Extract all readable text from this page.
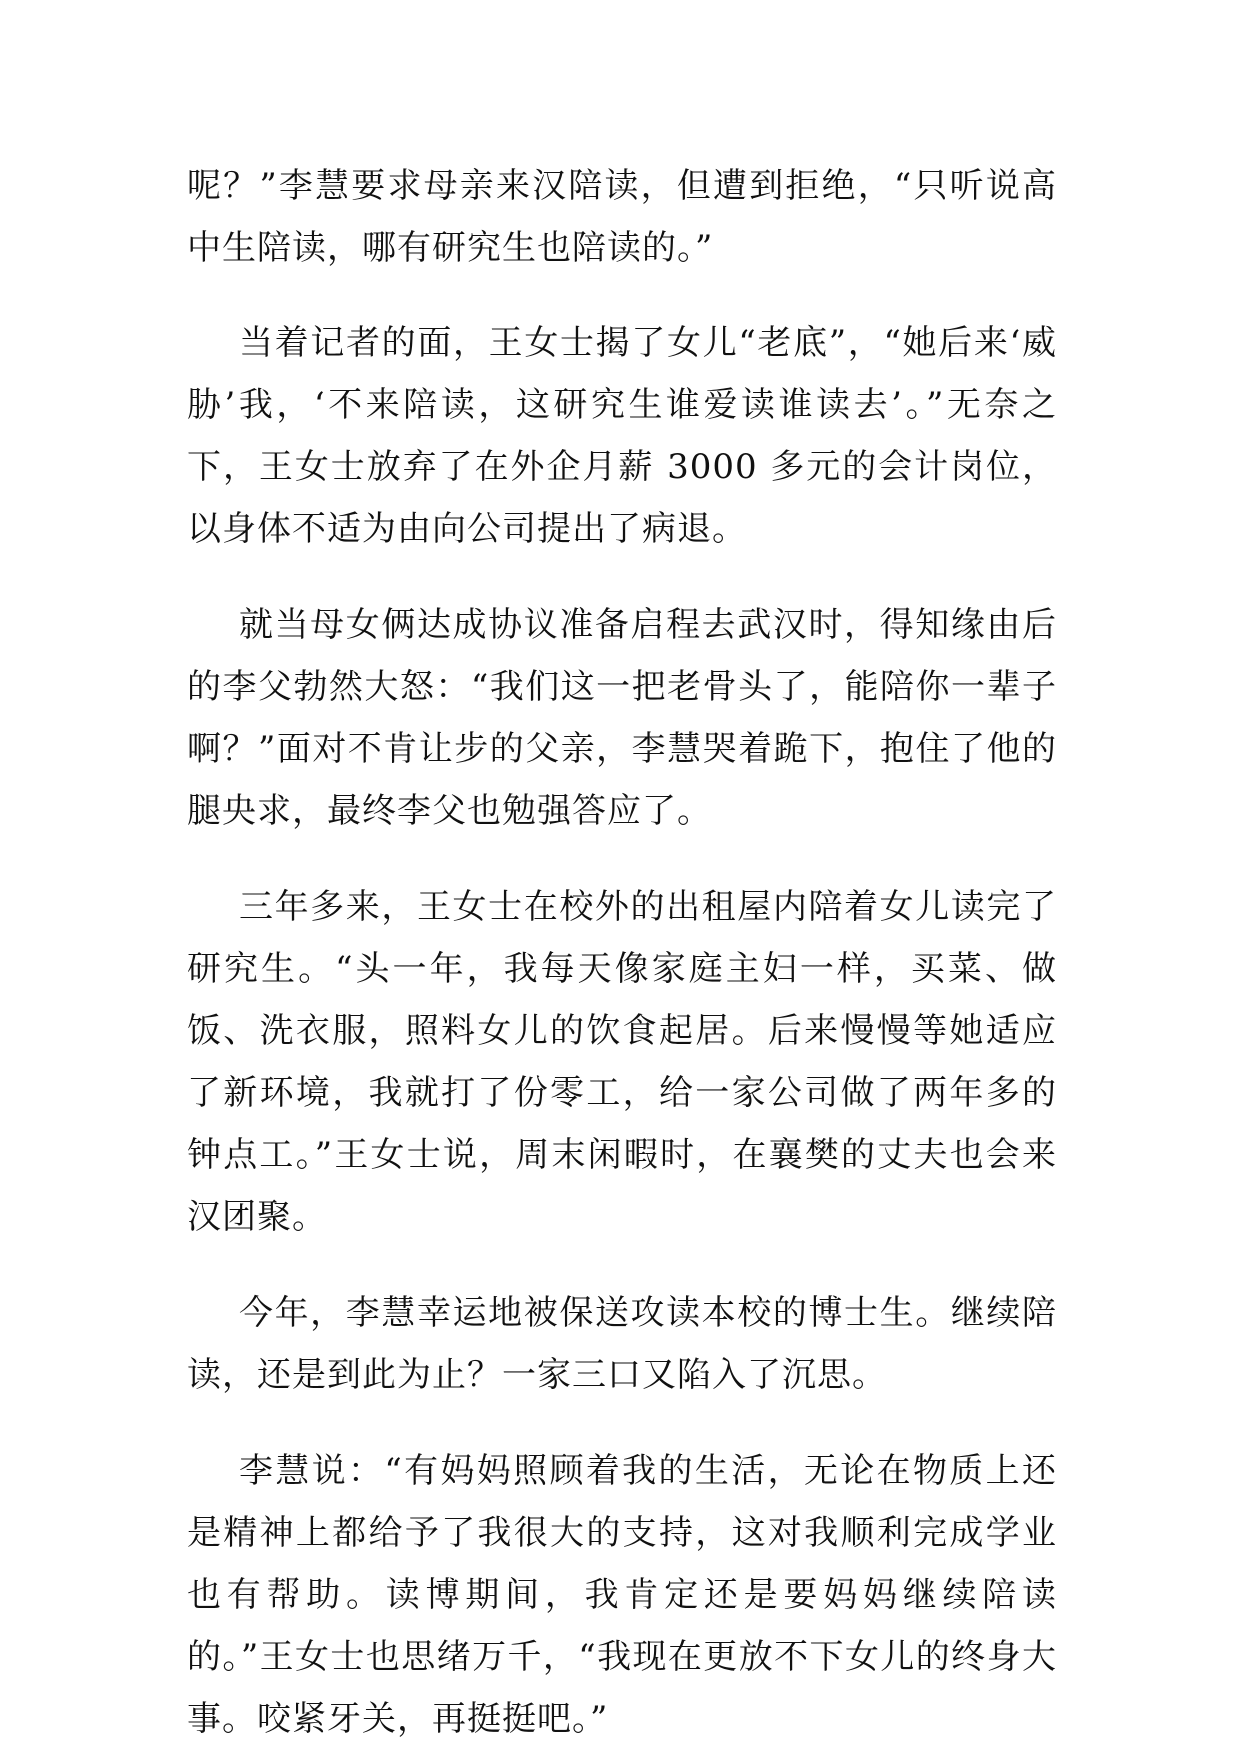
呢？”李慧要求母亲来汉陪读，但遭到拒绝，“只听说高中生陪读，哪有研究生也陪读的。”

当着记者的面，王女士揭了女儿“老底”，“她后来‘威胁’我，‘不来陪读，这研究生谁爱读谁读去’。”无奈之下，王女士放弃了在外企月薪 3000 多元的会计岗位，以身体不适为由向公司提出了病退。

就当母女俩达成协议准备启程去武汉时，得知缘由后的李父勃然大怒：“我们这一把老骨头了，能陪你一辈子啊？”面对不肯让步的父亲，李慧哭着跪下，抱住了他的腿央求，最终李父也勉强答应了。

三年多来，王女士在校外的出租屋内陪着女儿读完了研究生。“头一年，我每天像家庭主妇一样，买菜、做饭、洗衣服，照料女儿的饮食起居。后来慢慢等她适应了新环境，我就打了份零工，给一家公司做了两年多的钟点工。”王女士说，周末闲暇时，在襄樊的丈夫也会来汉团聚。

今年，李慧幸运地被保送攻读本校的博士生。继续陪读，还是到此为止？一家三口又陷入了沉思。

李慧说：“有妈妈照顾着我的生活，无论在物质上还是精神上都给予了我很大的支持，这对我顺利完成学业也有帮助。读博期间，我肯定还是要妈妈继续陪读的。”王女士也思绪万千，“我现在更放不下女儿的终身大事。咬紧牙关，再挺挺吧。”
